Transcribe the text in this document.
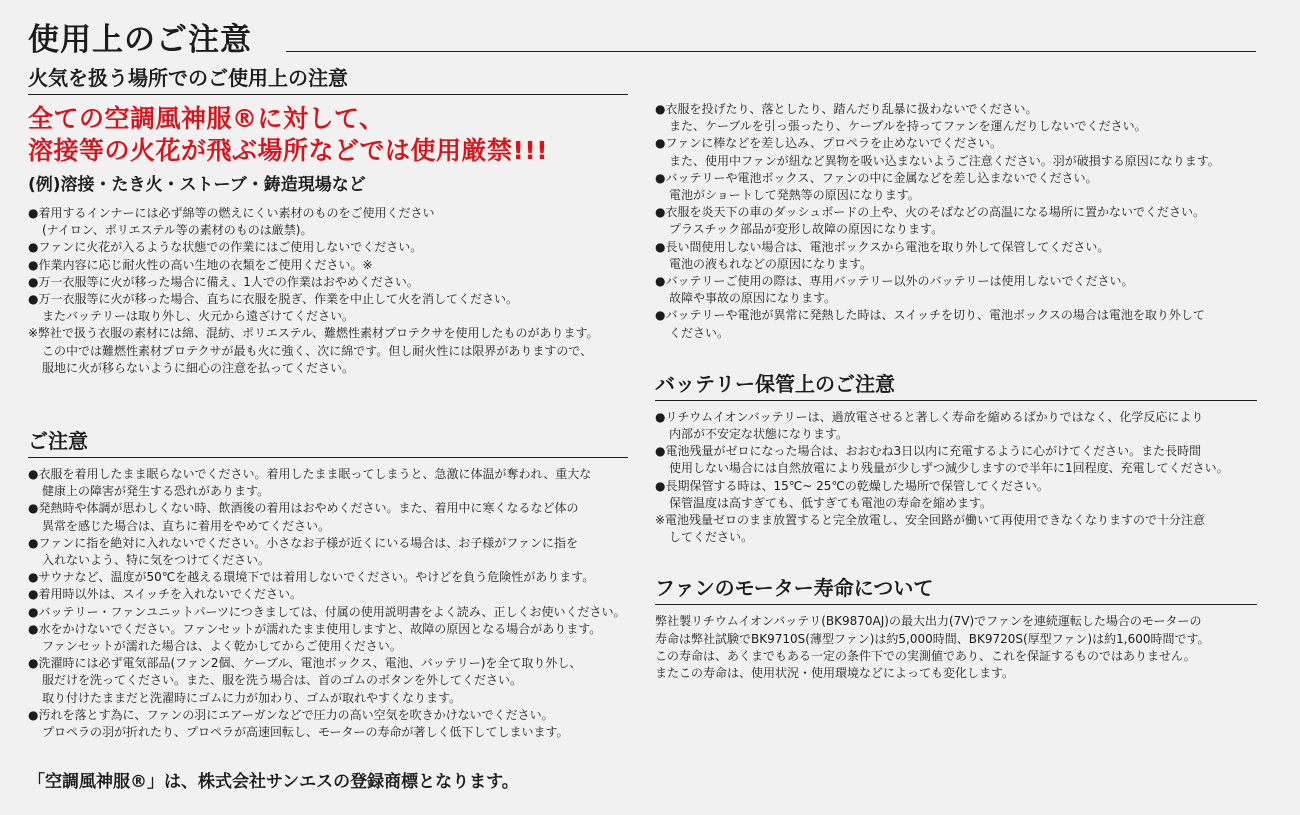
使用上のご注意
火気を扱う場所でのご使用上の注意
全ての空調風神服®に対して、
溶接等の火花が飛ぶ場所などでは使用厳禁!!!
(例)溶接・たき火・ストーブ・鋳造現場など
●着用するインナーには必ず綿等の燃えにくい素材のものをご使用ください
(ナイロン、ポリエステル等の素材のものは厳禁)。
●ファンに火花が入るような状態での作業にはご使用しないでください。
●作業内容に応じ耐火性の高い生地の衣類をご使用ください。※
●万一衣服等に火が移った場合に備え、1人での作業はおやめください。
●万一衣服等に火が移った場合、直ちに衣服を脱ぎ、作業を中止して火を消してください。
またバッテリーは取り外し、火元から遠ざけてください。
※弊社で扱う衣服の素材には綿、混紡、ポリエステル、難燃性素材プロテクサを使用したものがあります。
この中では難燃性素材プロテクサが最も火に強く、次に綿です。但し耐火性には限界がありますので、
服地に火が移らないように細心の注意を払ってください。
ご注意
●衣服を着用したまま眠らないでください。着用したまま眠ってしまうと、急激に体温が奪われ、重大な
健康上の障害が発生する恐れがあります。
●発熱時や体調が思わしくない時、飲酒後の着用はおやめください。また、着用中に寒くなるなど体の
異常を感じた場合は、直ちに着用をやめてください。
●ファンに指を絶対に入れないでください。小さなお子様が近くにいる場合は、お子様がファンに指を
入れないよう、特に気をつけてください。
●サウナなど、温度が50℃を越える環境下では着用しないでください。やけどを負う危険性があります。
●着用時以外は、スイッチを入れないでください。
●バッテリー・ファンユニットパーツにつきましては、付属の使用説明書をよく読み、正しくお使いください。
●水をかけないでください。ファンセットが濡れたまま使用しますと、故障の原因となる場合があります。
ファンセットが濡れた場合は、よく乾かしてからご使用ください。
●洗濯時には必ず電気部品(ファン2個、ケーブル、電池ボックス、電池、バッテリー)を全て取り外し、
服だけを洗ってください。また、服を洗う場合は、首のゴムのボタンを外してください。
取り付けたままだと洗濯時にゴムに力が加わり、ゴムが取れやすくなります。
●汚れを落とす為に、ファンの羽にエアーガンなどで圧力の高い空気を吹きかけないでください。
プロペラの羽が折れたり、プロペラが高速回転し、モーターの寿命が著しく低下してしまいます。
●衣服を投げたり、落としたり、踏んだり乱暴に扱わないでください。
また、ケーブルを引っ張ったり、ケーブルを持ってファンを運んだりしないでください。
●ファンに棒などを差し込み、プロペラを止めないでください。
また、使用中ファンが紐など異物を吸い込まないようご注意ください。羽が破損する原因になります。
●バッテリーや電池ボックス、ファンの中に金属などを差し込まないでください。
電池がショートして発熱等の原因になります。
●衣服を炎天下の車のダッシュボードの上や、火のそばなどの高温になる場所に置かないでください。
プラスチック部品が変形し故障の原因になります。
●長い間使用しない場合は、電池ボックスから電池を取り外して保管してください。
電池の液もれなどの原因になります。
●バッテリーご使用の際は、専用バッテリー以外のバッテリーは使用しないでください。
故障や事故の原因になります。
●バッテリーや電池が異常に発熱した時は、スイッチを切り、電池ボックスの場合は電池を取り外して
ください。
バッテリー保管上のご注意
●リチウムイオンバッテリーは、過放電させると著しく寿命を縮めるばかりではなく、化学反応により
内部が不安定な状態になります。
●電池残量がゼロになった場合は、おおむね3日以内に充電するように心がけてください。また長時間
使用しない場合には自然放電により残量が少しずつ減少しますので半年に1回程度、充電してください。
●長期保管する時は、15℃~ 25℃の乾燥した場所で保管してください。
保管温度は高すぎても、低すぎても電池の寿命を縮めます。
※電池残量ゼロのまま放置すると完全放電し、安全回路が働いて再使用できなくなりますので十分注意
してください。
ファンのモーター寿命について
弊社製リチウムイオンバッテリ(BK9870AJ)の最大出力(7V)でファンを連続運転した場合のモーターの
寿命は弊社試験でBK9710S(薄型ファン)は約5,000時間、BK9720S(厚型ファン)は約1,600時間です。
この寿命は、あくまでもある一定の条件下での実測値であり、これを保証するものではありません。
またこの寿命は、使用状況・使用環境などによっても変化します。
「空調風神服®」は、株式会社サンエスの登録商標となります。
